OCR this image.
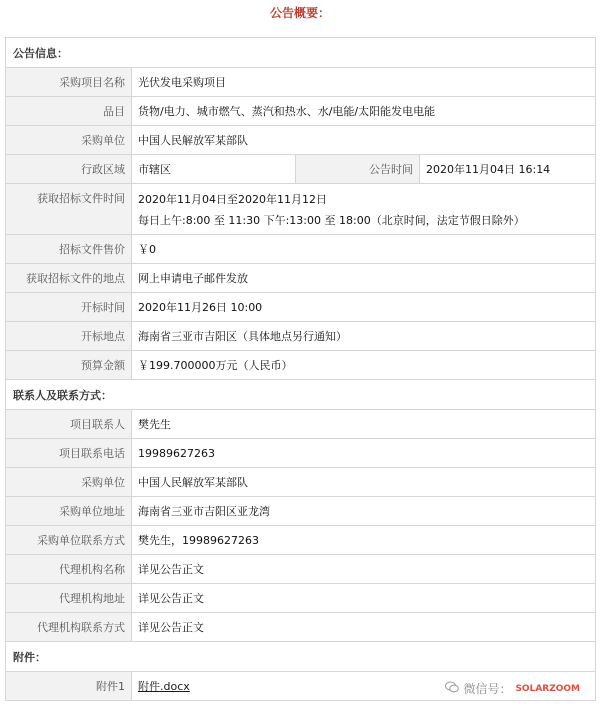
公告概要：
公告信息：			
采购项目名称	光伏发电采购项目		
品目	货物/电力、城市燃气、蒸汽和热水、水/电能/太阳能发电电能		
采购单位	中国人民解放军某部队		
行政区域	市辖区	公告时间	2020年11月04日 16:14
获取招标文件时间	2020年11月04日至2020年11月12日
每日上午:8:00 至 11:30 下午:13:00 至 18:00（北京时间，法定节假日除外）		

招标文件售价	￥0		
获取招标文件的地点	网上申请电子邮件发放		
开标时间	2020年11月26日 10:00		
开标地点	海南省三亚市吉阳区（具体地点另行通知）		
预算金额	￥199.700000万元（人民币）		
联系人及联系方式：			
项目联系人	樊先生		
项目联系电话	19989627263		
采购单位	中国人民解放军某部队		
采购单位地址	海南省三亚市吉阳区亚龙湾		
采购单位联系方式	樊先生，19989627263		
代理机构名称	详见公告正文		
代理机构地址	详见公告正文		
代理机构联系方式	详见公告正文		
附件：			
附件1	附件.docx			微信号： SOLARZOOM
